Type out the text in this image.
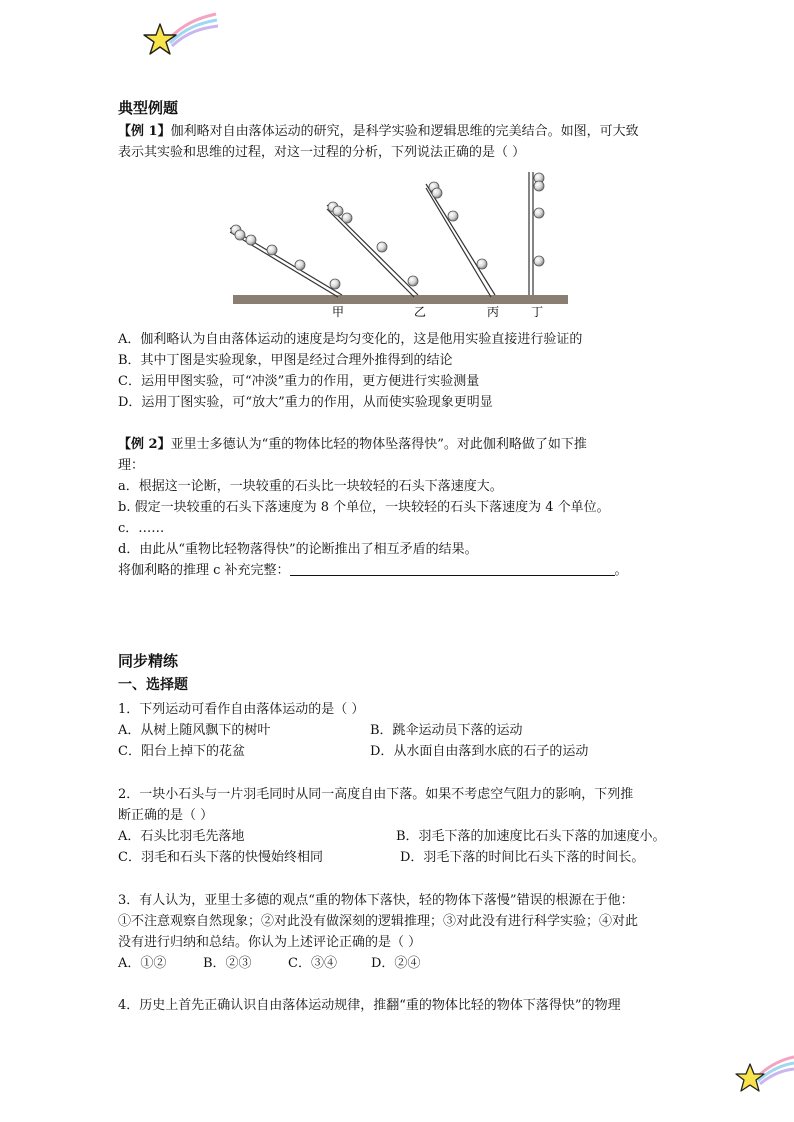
典型例题
【例 1】伽利略对自由落体运动的研究，是科学实验和逻辑思维的完美结合。如图，可大致
表示其实验和思维的过程，对这一过程的分析，下列说法正确的是（ ）
甲	乙	丙	丁
A．伽利略认为自由落体运动的速度是均匀变化的，这是他用实验直接进行验证的
B．其中丁图是实验现象，甲图是经过合理外推得到的结论
C．运用甲图实验，可“冲淡”重力的作用，更方便进行实验测量
D．运用丁图实验，可“放大”重力的作用，从而使实验现象更明显
【例 2】亚里士多德认为“重的物体比轻的物体坠落得快”。对此伽利略做了如下推
理：
a．根据这一论断，一块较重的石头比一块较轻的石头下落速度大。
b. 假定一块较重的石头下落速度为 8 个单位，一块较轻的石头下落速度为 4 个单位。
c．……
d．由此从“重物比轻物落得快”的论断推出了相互矛盾的结果。
将伽利略的推理 c 补充完整：	。
同步精练
一、选择题
1．下列运动可看作自由落体运动的是（ ）
A．从树上随风飘下的树叶	B．跳伞运动员下落的运动
C．阳台上掉下的花盆	D．从水面自由落到水底的石子的运动
2．一块小石头与一片羽毛同时从同一高度自由下落。如果不考虑空气阻力的影响，下列推
断正确的是（ ）
A．石头比羽毛先落地	B．羽毛下落的加速度比石头下落的加速度小。
C．羽毛和石头下落的快慢始终相同	D．羽毛下落的时间比石头下落的时间长。
3．有人认为，亚里士多德的观点“重的物体下落快，轻的物体下落慢”错误的根源在于他：
①不注意观察自然现象；②对此没有做深刻的逻辑推理；③对此没有进行科学实验；④对此
没有进行归纳和总结。你认为上述评论正确的是（ ）
A．①②	B．②③	C．③④	D．②④
4．历史上首先正确认识自由落体运动规律，推翻“重的物体比轻的物体下落得快”的物理
